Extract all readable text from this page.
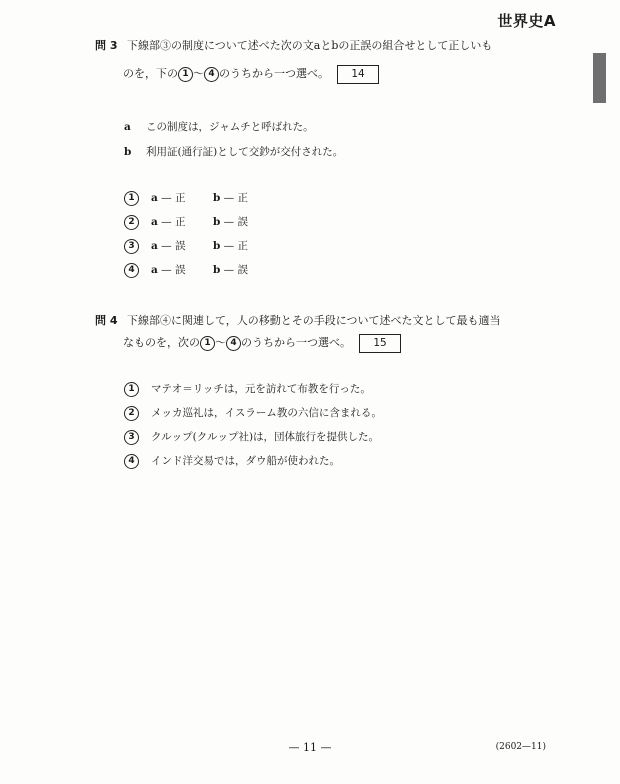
世界史A
問 3 下線部③の制度について述べた次の文aとbの正誤の組合せとして正しいも
のを，下の 1 ～ 4 のうちから一つ選べ。 14
a この制度は，ジャムチと呼ばれた。
b 利用証(通行証)として交鈔が交付された。
1	a — 正	b — 正
2	a — 正	b — 誤
3	a — 誤	b — 正
4	a — 誤	b — 誤
問 4 下線部④に関連して，人の移動とその手段について述べた文として最も適当
なものを，次の 1 ～ 4 のうちから一つ選べ。 15
1	マテオ＝リッチは，元を訪れて布教を行った。
2	メッカ巡礼は，イスラーム教の六信に含まれる。
3	クルップ(クルップ社)は，団体旅行を提供した。
4	インド洋交易では，ダウ船が使われた。
— 11 —	(2602—11)
